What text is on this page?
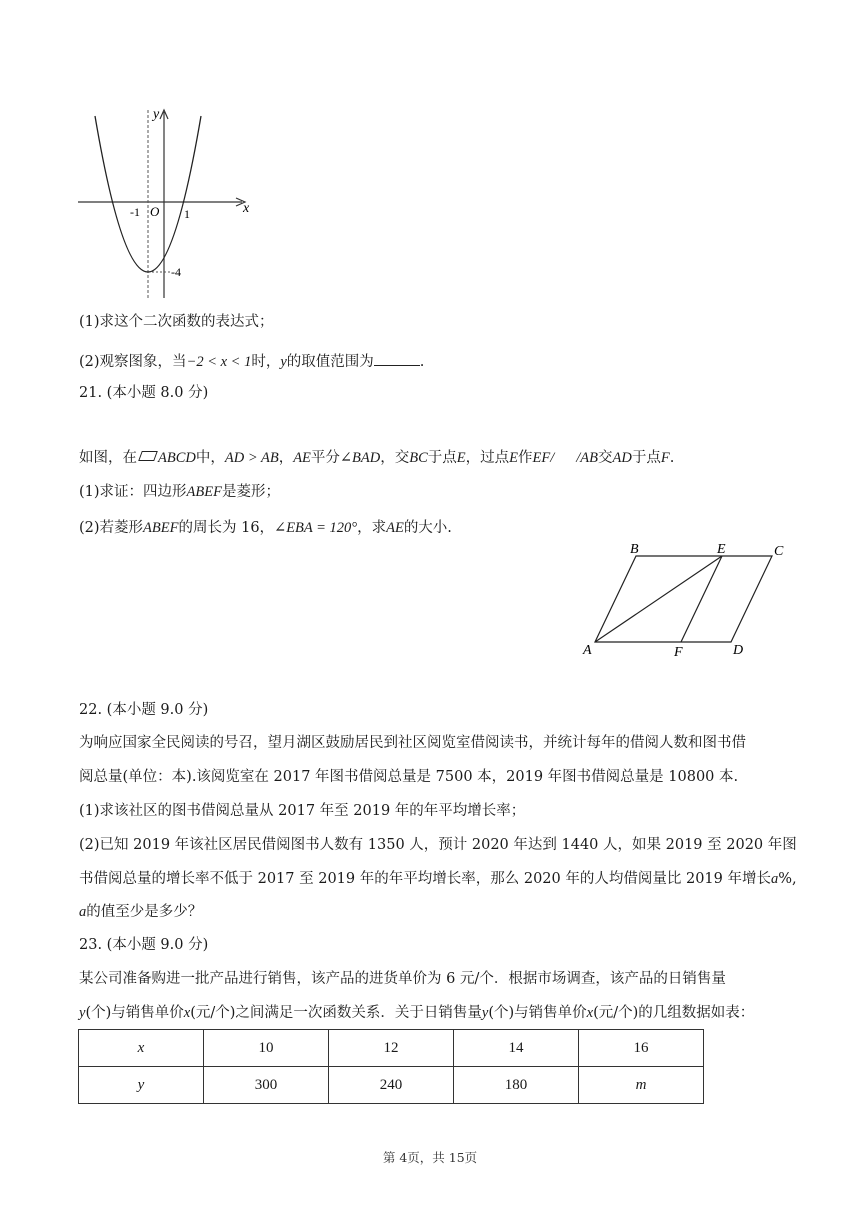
y
x
O
-1	1
-4
(1)求这个二次函数的表达式；
(2)观察图象，当−2 < x < 1时，y的取值范围为	.
21. (本小题 8.0 分)
如图，在 ABCD中，AD > AB，AE平分∠BAD，交BC于点E，过点E作EF/ /AB交AD于点F.
(1)求证：四边形ABEF是菱形；
(2)若菱形ABEF的周长为 16，∠EBA = 120°，求AE的大小.
B	E	C
A	F	D
22. (本小题 9.0 分)
为响应国家全民阅读的号召，望月湖区鼓励居民到社区阅览室借阅读书，并统计每年的借阅人数和图书借
阅总量(单位：本).该阅览室在 2017 年图书借阅总量是 7500 本，2019 年图书借阅总量是 10800 本.
(1)求该社区的图书借阅总量从 2017 年至 2019 年的年平均增长率；
(2)已知 2019 年该社区居民借阅图书人数有 1350 人，预计 2020 年达到 1440 人，如果 2019 至 2020 年图
书借阅总量的增长率不低于 2017 至 2019 年的年平均增长率，那么 2020 年的人均借阅量比 2019 年增长a%,
a的值至少是多少？
23. (本小题 9.0 分)
某公司准备购进一批产品进行销售，该产品的进货单价为 6 元/个．根据市场调查，该产品的日销售量
y(个)与销售单价x(元/个)之间满足一次函数关系．关于日销售量y(个)与销售单价x(元/个)的几组数据如表：
x	10	12	14	16
y	300	240	180	m
第 4页，共 15页
